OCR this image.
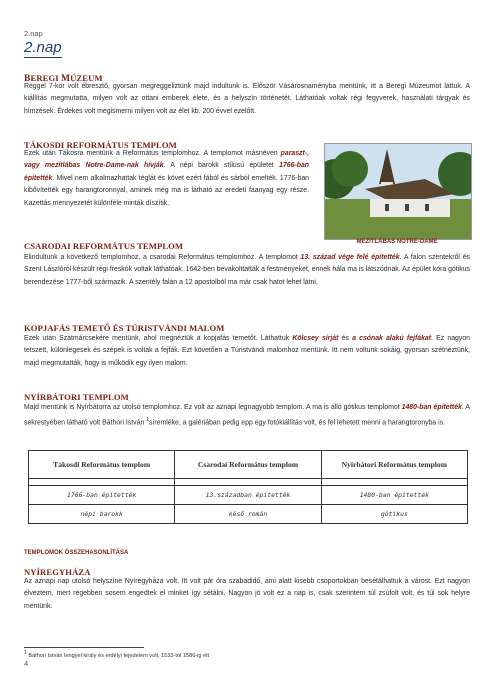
2.nap
2.nap
BEREGI MÚZEUM

Reggel 7-kor volt ébresztő, gyorsan megreggeliztünk majd indultunk is. Először Vásárosnaményba mentünk, itt a Beregi Múzeumot láttuk. A kiállítás megmutatta, milyen volt az ottani emberek élete, és a helyszín történetét. Láthatóak voltak régi fegyverek, használati tárgyak és hímzések. Érdekes volt megismerni milyen volt az élet kb. 200 évvel ezelőtt.

TÁKOSDI REFORMÁTUS TEMPLOM

Ezek után Tákosra mentünk a Református templomhoz. A templomot másnéven paraszt-, vagy mezítlábas Notre-Dame-nak hívják. A népi barokk stílusú épületet 1766-ban építették. Mivel nem alkalmazhattak téglát és követ ezért fából és sárból emelték. 1776-ban kibővítették egy harangtoronnyal, aminek még ma is látható az eredeti faanyag egy része. Kazettás mennyezetét különféle minták díszítik.

MEZÍTLÁBAS NOTRE-DAME
CSARODAI REFORMÁTUS TEMPLOM

Elindultunk a következő templomhoz, a csarodai Református templomhoz. A templomot 13. század vége felé építették. A falon szentekről és Szent Lászlóról készült régi freskók voltak láthatóak. 1642-ben bevakolttatták a festményeket, ennek hála ma is látszódnak. Az épület kora gótikus berendezése 1777-ből származik. A szentély falán a 12 apostolból ma már csak hatot lehet látni.

KOPJAFÁS TEMETŐ ÉS TÚRISTVÁNDI MALOM

Ezek után Szatmárcsekére mentünk, ahol megnéztük a kopjafás temetőt. Láthattuk Kölcsey sírját és a csónak alakú fejfákat. Ez nagyon tetszett, különlegesek és szépek is voltak a fejfák. Ezt követően a Túristvándi malomhoz mentünk. Itt nem voltunk sokáig, gyorsan szétnéztünk, majd megmutatták, hogy is működik egy ilyen malom.

NYÍRBÁTORI TEMPLOM

Majd mentünk is Nyírbátorra az utolsó templomhoz. Ez volt az aznapi legnagyobb templom. A ma is álló gótikus templomot 1480-ban építették. A sekrestyében látható volt Báthori István $^1$síremléke, a galériában pedig epp egy fotókiállítás volt, és fel lehetett menni a harangtoronyba is.

Tákosdi Református templom	Csarodai Református templom	Nyírbátori Református templom

1766-ban épitették	13.században épitették	1480-ban épitették
népi barokk	késő román	gótikus
TEMPLOMOK ÖSSZEHASONLÍTÁSA
NYÍREGYHÁZA

Az aznapi nap utolsó helyszíne Nyíregyháza volt. Itt volt pár óra szabadidő, ami alatt kisebb csoportokban besétálhattuk a várost. Ezt nagyon élveztem, mert régebben sosem engedtek el minket így sétálni. Nagyon jó volt ez a nap is, csak szerintem túl zsúfolt volt, és túl sok helyre mentünk.

$^1$ Báthori István lengyel király és erdélyi fejedelem volt, 1533-tól 1586-ig élt
4
